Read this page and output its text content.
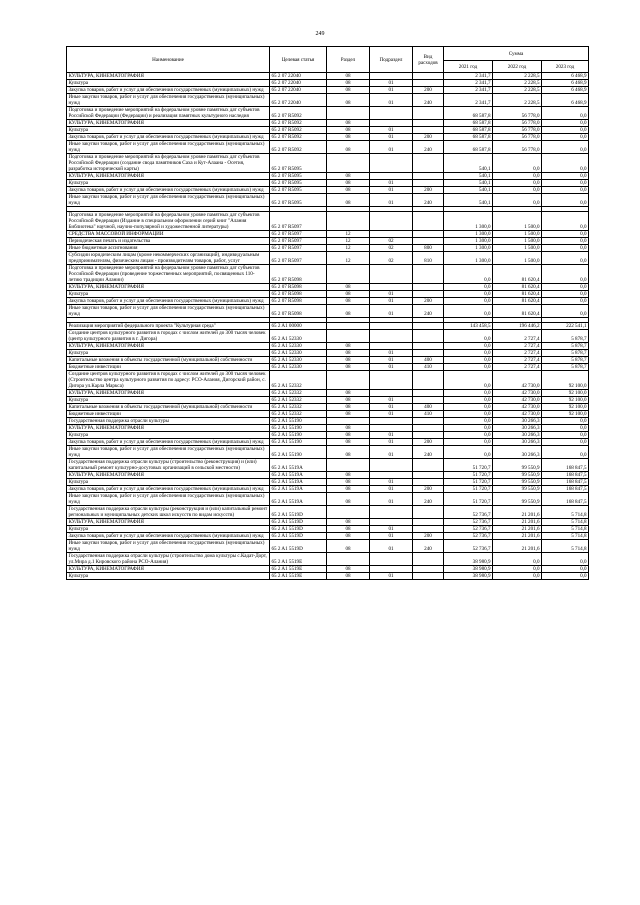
249
Наименование	Целевая статья	Раздел	Подраздел	Вид расходов	Сумма		
					2021 год	2022 год	2023 год
КУЛЬТУРА, КИНЕМАТОГРАФИЯ	65 2 07 22040	08			2 341,7	2 228,5	6 468,9
Культура	65 2 07 22040	08	01		2 341,7	2 228,5	6 468,9
Закупка товаров, работ и услуг для обеспечения государственных (муниципальных) нужд	65 2 07 22040	08	01	200	2 341,7	2 228,5	6 468,9
Иные закупки товаров, работ и услуг для обеспечения государственных (муниципальных) нужд	65 2 07 22040	08	01	240	2 341,7	2 228,5	6 468,9
Подготовка и проведение мероприятий на федеральном уровне памятных дат субъектов Российской Федерации (Федерации) и реализация памятных культурного наследия	65 2 07 R5092				68 587,8	56 778,0	0,0
КУЛЬТУРА, КИНЕМАТОГРАФИЯ	65 2 07 R5092	08			68 587,8	56 778,0	0,0
Культура	65 2 07 R5092	08	01		68 587,8	56 778,0	0,0
Закупка товаров, работ и услуг для обеспечения государственных (муниципальных) нужд	65 2 07 R5092	08	01	200	68 587,8	56 778,0	0,0
Иные закупки товаров, работ и услуг для обеспечения государственных (муниципальных) нужд	65 2 07 R5092	08	01	240	68 587,8	56 778,0	0,0
Подготовка и проведение мероприятий на федеральном уровне памятных дат субъектов Российской Федерации (создание свода памятников Саха и Кут-Алаана - Осетия, разработка исторической карты)	65 2 07 R5095				540,1	0,0	0,0
КУЛЬТУРА, КИНЕМАТОГРАФИЯ	65 2 07 R5095	08			540,1	0,0	0,0
Культура	65 2 07 R5095	08	01		540,1	0,0	0,0
Закупка товаров, работ и услуг для обеспечения государственных (муниципальных) нужд	65 2 07 R5095	08	01	200	540,1	0,0	0,0
Иные закупки товаров, работ и услуг для обеспечения государственных (муниципальных) нужд	65 2 07 R5095	08	01	240	540,1	0,0	0,0

Подготовка и проведение мероприятий на федеральном уровне памятных дат субъектов Российской Федерации (Издание в специальном оформлении серий книг "Алания Библиотека" научной, научно-популярной и художественной литературы)	65 2 07 R5097				1 300,0	1 500,0	0,0
СРЕДСТВА МАССОВОЙ ИНФОРМАЦИИ	65 2 07 R5097	12			1 300,0	1 500,0	0,0
Периодическая печать и издательства	65 2 07 R5097	12	02		1 300,0	1 500,0	0,0
Иные бюджетные ассигнования	65 2 07 R5097	12	02	800	1 300,0	1 500,0	0,0
Субсидии юридическим лицам (кроме некоммерческих организаций), индивидуальным предпринимателям, физическим лицам - производителям товаров, работ, услуг	65 2 07 R5097	12	02	810	1 300,0	1 500,0	0,0
Подготовка и проведение мероприятий на федеральном уровне памятных дат субъектов Российской Федерации (проведение торжественных мероприятий, посвященных 110-летию традиции Алании)	65 2 07 R5098				0,0	81 620,4	0,0
КУЛЬТУРА, КИНЕМАТОГРАФИЯ	65 2 07 R5098	08			0,0	81 620,4	0,0
Культура	65 2 07 R5098	08	01		0,0	81 620,4	0,0
Закупка товаров, работ и услуг для обеспечения государственных (муниципальных) нужд	65 2 07 R5098	08	01	200	0,0	81 620,4	0,0
Иные закупки товаров, работ и услуг для обеспечения государственных (муниципальных) нужд	65 2 07 R5098	08	01	240	0,0	81 620,4	0,0

Реализация мероприятий федерального проекта "Культурная среда"	65 2 A1 00000				143 458,5	196 446,2	222 541,1
Создание центров культурного развития в городах с числом жителей до 300 тысяч человек (центр культурного развития в г. Дигора)	65 2 A1 52330				0,0	2 727,4	5 878,7
КУЛЬТУРА, КИНЕМАТОГРАФИЯ	65 2 A1 52330	08			0,0	2 727,4	5 878,7
Культура	65 2 A1 52330	08	01		0,0	2 727,4	5 878,7
Капитальные вложения в объекты государственной (муниципальной) собственности	65 2 A1 52330	08	01	400	0,0	2 727,4	5 878,7
Бюджетные инвестиции	65 2 A1 52330	08	01	410	0,0	2 727,4	5 878,7
Создание центров культурного развития в городах с числом жителей до 300 тысяч человек (Строительство центра культурного развития по адресу: РСО-Алания, Дигорский район, с. Дигора ул.Карла Маркса)	65 2 A1 52332				0,0	42 730,0	92 100,0
КУЛЬТУРА, КИНЕМАТОГРАФИЯ	65 2 A1 52332	08			0,0	42 730,0	92 100,0
Культура	65 2 A1 52332	08	01		0,0	42 730,0	92 100,0
Капитальные вложения в объекты государственной (муниципальной) собственности	65 2 A1 52332	08	01	400	0,0	42 730,0	92 100,0
Бюджетные инвестиции	65 2 A1 52332	08	01	410	0,0	42 730,0	92 100,0
Государственная поддержка отрасли культуры	65 2 A1 55190				0,0	30 266,3	0,0
КУЛЬТУРА, КИНЕМАТОГРАФИЯ	65 2 A1 55190	08			0,0	30 266,3	0,0
Культура	65 2 A1 55190	08	01		0,0	30 266,3	0,0
Закупка товаров, работ и услуг для обеспечения государственных (муниципальных) нужд	65 2 A1 55190	08	01	200	0,0	30 266,3	0,0
Иные закупки товаров, работ и услуг для обеспечения государственных (муниципальных) нужд	65 2 A1 55190	08	01	240	0,0	30 266,3	0,0
Государственная поддержка отрасли культуры (строительство (реконструкция) и (или) капитальный ремонт культурно-досуговых организаций в сельской местности)	65 2 A1 5519A				51 720,7	99 550,9	168 847,5
КУЛЬТУРА, КИНЕМАТОГРАФИЯ	65 2 A1 5519A	08			51 720,7	99 550,9	168 847,5
Культура	65 2 A1 5519A	08	01		51 720,7	99 550,9	168 847,5
Закупка товаров, работ и услуг для обеспечения государственных (муниципальных) нужд	65 2 A1 5519A	08	01	200	51 720,7	99 550,9	168 847,5
Иные закупки товаров, работ и услуг для обеспечения государственных (муниципальных) нужд	65 2 A1 5519A	08	01	240	51 720,7	99 550,9	168 847,5
Государственная поддержка отрасли культуры (реконструкция и (или) капитальный ремонт региональных и муниципальных детских школ искусств по видам искусств)	65 2 A1 5519D				52 736,7	21 201,6	5 714,8
КУЛЬТУРА, КИНЕМАТОГРАФИЯ	65 2 A1 5519D	08			52 736,7	21 201,6	5 714,8
Культура	65 2 A1 5519D	08	01		52 736,7	21 201,6	5 714,8
Закупка товаров, работ и услуг для обеспечения государственных (муниципальных) нужд	65 2 A1 5519D	08	01	200	52 736,7	21 201,6	5 714,8
Иные закупки товаров, работ и услуг для обеспечения государственных (муниципальных) нужд	65 2 A1 5519D	08	01	240	52 736,7	21 201,6	5 714,8
Государственная поддержка отрасли культуры (строительство дома культуры с.Кадат-Дорт, ул.Мира д.1 Кировского района РСО-Алания)	65 2 A1 5519E				38 980,9	0,0	0,0
КУЛЬТУРА, КИНЕМАТОГРАФИЯ	65 2 A1 5519E	08			38 980,9	0,0	0,0
Культура	65 2 A1 5519E	08	01		38 980,9	0,0	0,0
